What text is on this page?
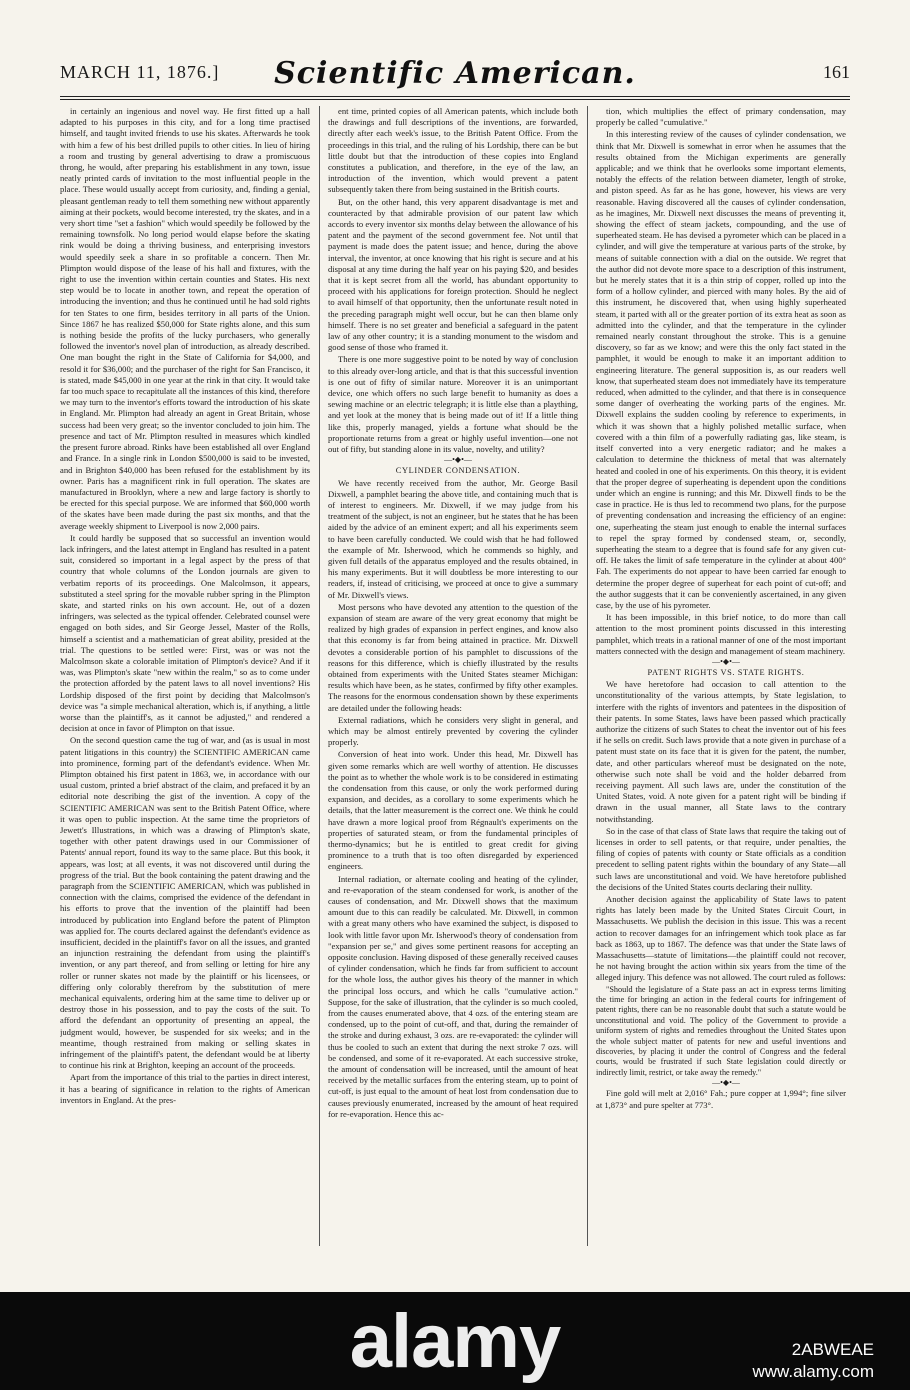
MARCH 11, 1876.]	Scientific American.	161

in certainly an ingenious and novel way. He first fitted up a hall adapted to his purposes in this city, and for a long time practised himself, and taught invited friends to use his skates. Afterwards he took with him a few of his best drilled pupils to other cities. In lieu of hiring a room and trusting by general advertising to draw a promiscuous throng, he would, after preparing his establishment in any town, issue neatly printed cards of invitation to the most influential people in the place. These would usually accept from curiosity, and, finding a genial, pleasant gentleman ready to tell them something new without apparently aiming at their pockets, would become interested, try the skates, and in a very short time "set a fashion" which would speedily be followed by the remaining townsfolk. No long period would elapse before the skating rink would be doing a thriving business, and enterprising investors would speedily seek a share in so profitable a concern. Then Mr. Plimpton would dispose of the lease of his hall and fixtures, with the right to use the invention within certain counties and States. His next step would be to locate in another town, and repeat the operation of introducing the invention; and thus he continued until he had sold rights for ten States to one firm, besides territory in all parts of the Union. Since 1867 he has realized $50,000 for State rights alone, and this sum is nothing beside the profits of the lucky purchasers, who generally followed the inventor's novel plan of introduction, as already described. One man bought the right in the State of California for $4,000, and resold it for $36,000; and the purchaser of the right for San Francisco, it is stated, made $45,000 in one year at the rink in that city. It would take far too much space to recapitulate all the instances of this kind, therefore we may turn to the inventor's efforts toward the introduction of his skate in England. Mr. Plimpton had already an agent in Great Britain, whose success had been very great; so the inventor concluded to join him. The presence and tact of Mr. Plimpton resulted in measures which kindled the present furore abroad. Rinks have been established all over England and France. In a single rink in London $500,000 is said to be invested, and in Brighton $40,000 has been refused for the establishment by its owner. Paris has a magnificent rink in full operation. The skates are manufactured in Brooklyn, where a new and large factory is shortly to be erected for this special purpose. We are informed that $60,000 worth of the skates have been made during the past six months, and that the average weekly shipment to Liverpool is now 2,000 pairs.

It could hardly be supposed that so successful an invention would lack infringers, and the latest attempt in England has resulted in a patent suit, considered so important in a legal aspect by the press of that country that whole columns of the London journals are given to verbatim reports of its proceedings. One Malcolmson, it appears, substituted a steel spring for the movable rubber spring in the Plimpton skate, and started rinks on his own account. He, out of a dozen infringers, was selected as the typical offender. Celebrated counsel were engaged on both sides, and Sir George Jessel, Master of the Rolls, himself a scientist and a mathematician of great ability, presided at the trial. The questions to be settled were: First, was or was not the Malcolmson skate a colorable imitation of Plimpton's device? And if it was, was Plimpton's skate "new within the realm," so as to come under the protection afforded by the patent laws to all novel inventions? His Lordship disposed of the first point by deciding that Malcolmson's device was "a simple mechanical alteration, which is, if anything, a little worse than the plaintiff's, as it cannot be adjusted," and rendered a decision at once in favor of Plimpton on that issue.

On the second question came the tug of war, and (as is usual in most patent litigations in this country) the SCIENTIFIC AMERICAN came into prominence, forming part of the defendant's evidence. When Mr. Plimpton obtained his first patent in 1863, we, in accordance with our usual custom, printed a brief abstract of the claim, and prefaced it by an editorial note describing the gist of the invention. A copy of the SCIENTIFIC AMERICAN was sent to the British Patent Office, where it was open to public inspection. At the same time the proprietors of Jewett's Illustrations, in which was a drawing of Plimpton's skate, together with other patent drawings used in our Commissioner of Patents' annual report, found its way to the same place. But this book, it appears, was lost; at all events, it was not discovered until during the progress of the trial. But the book containing the patent drawing and the paragraph from the SCIENTIFIC AMERICAN, which was published in connection with the claims, comprised the evidence of the defendant in his efforts to prove that the invention of the plaintiff had been introduced by publication into England before the patent of Plimpton was applied for. The courts declared against the defendant's evidence as insufficient, decided in the plaintiff's favor on all the issues, and granted an injunction restraining the defendant from using the plaintiff's invention, or any part thereof, and from selling or letting for hire any roller or runner skates not made by the plaintiff or his licensees, or differing only colorably therefrom by the substitution of mere mechanical equivalents, ordering him at the same time to deliver up or destroy those in his possession, and to pay the costs of the suit. To afford the defendant an opportunity of presenting an appeal, the judgment would, however, be suspended for six weeks; and in the meantime, though restrained from making or selling skates in infringement of the plaintiff's patent, the defendant would be at liberty to continue his rink at Brighton, keeping an account of the proceeds.

Apart from the importance of this trial to the parties in direct interest, it has a bearing of significance in relation to the rights of American inventors in England. At the pres-

ent time, printed copies of all American patents, which include both the drawings and full descriptions of the inventions, are forwarded, directly after each week's issue, to the British Patent Office. From the proceedings in this trial, and the ruling of his Lordship, there can be but little doubt but that the introduction of these copies into England constitutes a publication, and therefore, in the eye of the law, an introduction of the invention, which would prevent a patent subsequently taken there from being sustained in the British courts.

But, on the other hand, this very apparent disadvantage is met and counteracted by that admirable provision of our patent law which accords to every inventor six months delay between the allowance of his patent and the payment of the second government fee. Not until that payment is made does the patent issue; and hence, during the above interval, the inventor, at once knowing that his right is secure and at his disposal at any time during the half year on his paying $20, and besides that it is kept secret from all the world, has abundant opportunity to proceed with his applications for foreign protection. Should he neglect to avail himself of that opportunity, then the unfortunate result noted in the preceding paragraph might well occur, but he can then blame only himself. There is no set greater and beneficial a safeguard in the patent law of any other country; it is a standing monument to the wisdom and good sense of those who framed it.

There is one more suggestive point to be noted by way of conclusion to this already over-long article, and that is that this successful invention is one out of fifty of similar nature. Moreover it is an unimportant device, one which offers no such large benefit to humanity as does a sewing machine or an electric telegraph; it is little else than a plaything, and yet look at the money that is being made out of it! If a little thing like this, properly managed, yields a fortune what should be the proportionate returns from a great or highly useful invention—one not out of fifty, but standing alone in its value, novelty, and utility?

—•◆•—

CYLINDER CONDENSATION.

We have recently received from the author, Mr. George Basil Dixwell, a pamphlet bearing the above title, and containing much that is of interest to engineers. Mr. Dixwell, if we may judge from his treatment of the subject, is not an engineer, but he states that he has been aided by the advice of an eminent expert; and all his experiments seem to have been carefully conducted. We could wish that he had followed the example of Mr. Isherwood, which he commends so highly, and given full details of the apparatus employed and the results obtained, in his many experiments. But it will doubtless be more interesting to our readers, if, instead of criticising, we proceed at once to give a summary of Mr. Dixwell's views.

Most persons who have devoted any attention to the question of the expansion of steam are aware of the very great economy that might be realized by high grades of expansion in perfect engines, and know also that this economy is far from being attained in practice. Mr. Dixwell devotes a considerable portion of his pamphlet to discussions of the reasons for this difference, which is chiefly illustrated by the results obtained from experiments with the United States steamer Michigan: results which have been, as he states, confirmed by fifty other examples. The reasons for the enormous condensation shown by these experiments are detailed under the following heads:

External radiations, which he considers very slight in general, and which may be almost entirely prevented by covering the cylinder properly.

Conversion of heat into work. Under this head, Mr. Dixwell has given some remarks which are well worthy of attention. He discusses the point as to whether the whole work is to be considered in estimating the condensation from this cause, or only the work performed during expansion, and decides, as a corollary to some experiments which he details, that the latter measurement is the correct one. We think he could have drawn a more logical proof from Régnault's experiments on the properties of saturated steam, or from the fundamental principles of thermo-dynamics; but he is entitled to great credit for giving prominence to a truth that is too often disregarded by experienced engineers.

Internal radiation, or alternate cooling and heating of the cylinder, and re-evaporation of the steam condensed for work, is another of the causes of condensation, and Mr. Dixwell shows that the maximum amount due to this can readily be calculated. Mr. Dixwell, in common with a great many others who have examined the subject, is disposed to look with little favor upon Mr. Isherwood's theory of condensation from "expansion per se," and gives some pertinent reasons for accepting an opposite conclusion. Having disposed of these generally received causes of cylinder condensation, which he finds far from sufficient to account for the whole loss, the author gives his theory of the manner in which the principal loss occurs, and which he calls "cumulative action." Suppose, for the sake of illustration, that the cylinder is so much cooled, from the causes enumerated above, that 4 ozs. of the entering steam are condensed, up to the point of cut-off, and that, during the remainder of the stroke and during exhaust, 3 ozs. are re-evaporated: the cylinder will thus be cooled to such an extent that during the next stroke 7 ozs. will be condensed, and some of it re-evaporated. At each successive stroke, the amount of condensation will be increased, until the amount of heat received by the metallic surfaces from the entering steam, up to point of cut-off, is just equal to the amount of heat lost from condensation due to causes previously enumerated, increased by the amount of heat required for re-evaporation. Hence this ac-

tion, which multiplies the effect of primary condensation, may properly be called "cumulative."

In this interesting review of the causes of cylinder condensation, we think that Mr. Dixwell is somewhat in error when he assumes that the results obtained from the Michigan experiments are generally applicable; and we think that he overlooks some important elements, notably the effects of the relation between diameter, length of stroke, and piston speed. As far as he has gone, however, his views are very reasonable. Having discovered all the causes of cylinder condensation, as he imagines, Mr. Dixwell next discusses the means of preventing it, showing the effect of steam jackets, compounding, and the use of superheated steam. He has devised a pyrometer which can be placed in a cylinder, and will give the temperature at various parts of the stroke, by means of suitable connection with a dial on the outside. We regret that the author did not devote more space to a description of this instrument, but he merely states that it is a thin strip of copper, rolled up into the form of a hollow cylinder, and pierced with many holes. By the aid of this instrument, he discovered that, when using highly superheated steam, it parted with all or the greater portion of its extra heat as soon as admitted into the cylinder, and that the temperature in the cylinder remained nearly constant throughout the stroke. This is a genuine discovery, so far as we know; and were this the only fact stated in the pamphlet, it would be enough to make it an important addition to engineering literature. The general supposition is, as our readers well know, that superheated steam does not immediately have its temperature reduced, when admitted to the cylinder, and that there is in consequence some danger of overheating the working parts of the engines. Mr. Dixwell explains the sudden cooling by reference to experiments, in which it was shown that a highly polished metallic surface, when covered with a thin film of a powerfully radiating gas, like steam, is itself converted into a very energetic radiator; and he makes a calculation to determine the thickness of metal that was alternately heated and cooled in one of his experiments. On this theory, it is evident that the proper degree of superheating is dependent upon the conditions under which an engine is running; and this Mr. Dixwell finds to be the case in practice. He is thus led to recommend two plans, for the purpose of preventing condensation and increasing the efficiency of an engine: one, superheating the steam just enough to enable the internal surfaces to repel the spray formed by condensed steam, or, secondly, superheating the steam to a degree that is found safe for any given cut-off. He takes the limit of safe temperature in the cylinder at about 400° Fah. The experiments do not appear to have been carried far enough to determine the proper degree of superheat for each point of cut-off; and the author suggests that it can be conveniently ascertained, in any given case, by the use of his pyrometer.

It has been impossible, in this brief notice, to do more than call attention to the most prominent points discussed in this interesting pamphlet, which treats in a rational manner of one of the most important matters connected with the design and management of steam machinery.

—•◆•—

PATENT RIGHTS VS. STATE RIGHTS.

We have heretofore had occasion to call attention to the unconstitutionality of the various attempts, by State legislation, to interfere with the rights of inventors and patentees in the disposition of their patents. In some States, laws have been passed which practically authorize the citizens of such States to cheat the inventor out of his fees if he sells on credit. Such laws provide that a note given in purchase of a patent must state on its face that it is given for the patent, the number, date, and other particulars whereof must be designated on the note, otherwise such note shall be void and the holder debarred from receiving payment. All such laws are, under the constitution of the United States, void. A note given for a patent right will be binding if drawn in the usual manner, all State laws to the contrary notwithstanding.

So in the case of that class of State laws that require the taking out of licenses in order to sell patents, or that require, under penalties, the filing of copies of patents with county or State officials as a condition precedent to selling patent rights within the boundary of any State—all such laws are unconstitutional and void. We have heretofore published the decisions of the United States courts declaring their nullity.

Another decision against the applicability of State laws to patent rights has lately been made by the United States Circuit Court, in Massachusetts. We publish the decision in this issue. This was a recent action to recover damages for an infringement which took place as far back as 1863, up to 1867. The defence was that under the State laws of Massachusetts—statute of limitations—the plaintiff could not recover, he not having brought the action within six years from the time of the alleged injury. This defence was not allowed. The court ruled as follows:

"Should the legislature of a State pass an act in express terms limiting the time for bringing an action in the federal courts for infringement of patent rights, there can be no reasonable doubt that such a statute would be unconstitutional and void. The policy of the Government to provide a uniform system of rights and remedies throughout the United States upon the whole subject matter of patents for new and useful inventions and discoveries, by placing it under the control of Congress and the federal courts, would be frustrated if such State legislation could directly or indirectly limit, restrict, or take away the remedy."

—•◆•—

Fine gold will melt at 2,016° Fah.; pure copper at 1,994°; fine silver at 1,873° and pure spelter at 773°.

alamy	2ABWEAE
www.alamy.com
